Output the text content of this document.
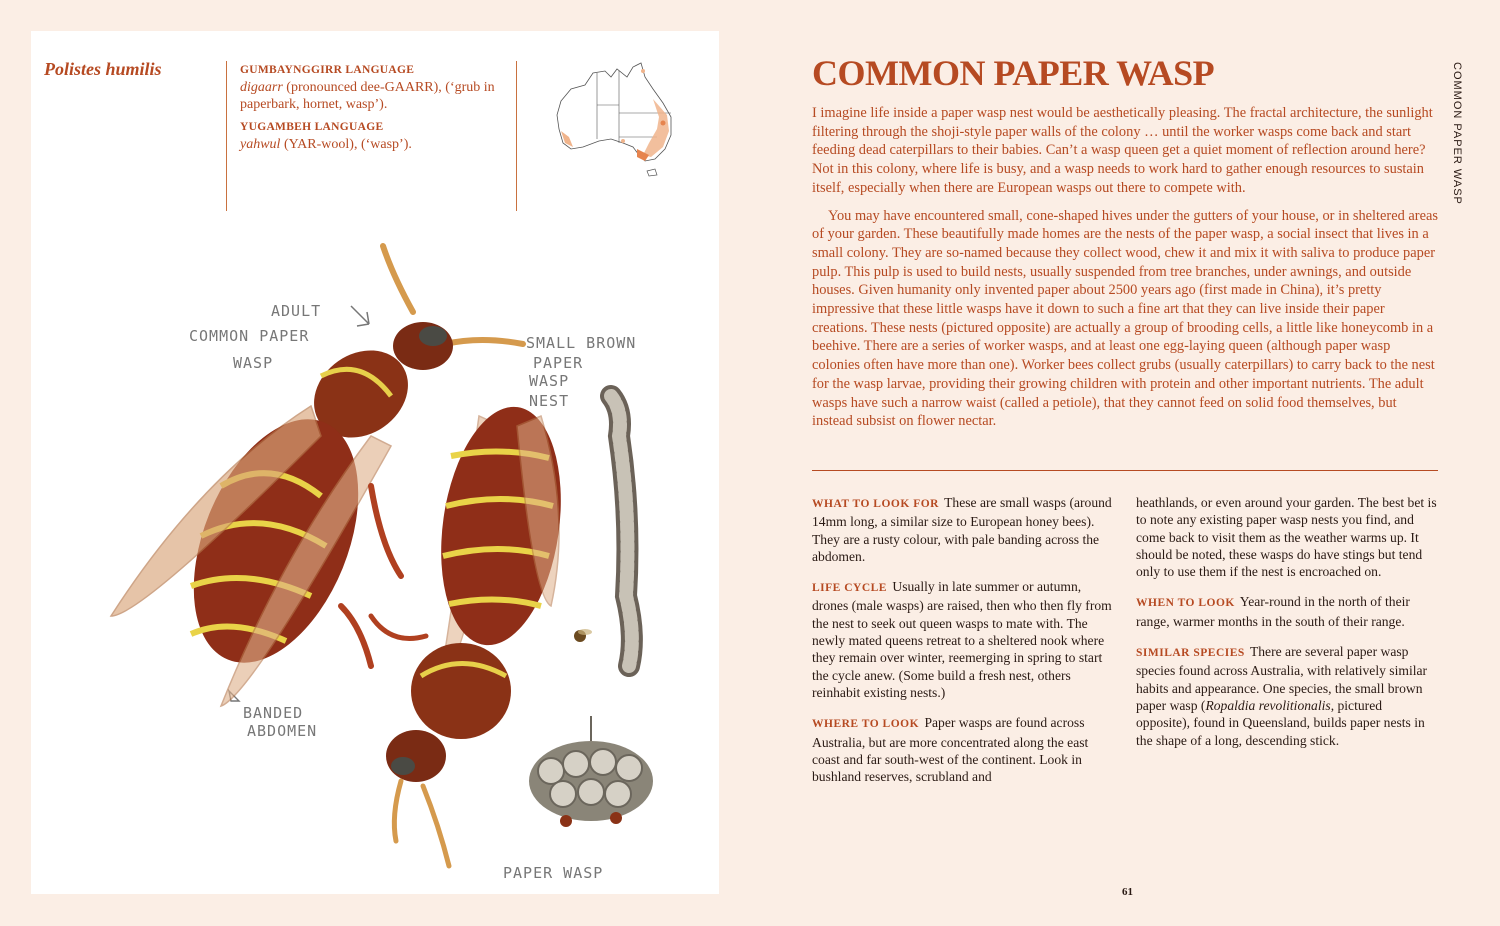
Polistes humilis	GUMBAYNGGIRR LANGUAGE
digaarr (pronounced dee-GAARR), (‘grub in paperbark, hornet, wasp’).
YUGAMBEH LANGUAGE
yahwul (YAR-wool), (‘wasp’).
ADULT
COMMON PAPER
WASP
SMALL BROWN
PAPER
WASP
NEST
BANDED
ABDOMEN
PAPER WASP
COMMON PAPER WASP

I imagine life inside a paper wasp nest would be aesthetically pleasing. The fractal architecture, the sunlight filtering through the shoji-style paper walls of the colony … until the worker wasps come back and start feeding dead caterpillars to their babies. Can’t a wasp queen get a quiet moment of reflection around here? Not in this colony, where life is busy, and a wasp needs to work hard to gather enough resources to sustain itself, especially when there are European wasps out there to compete with.

You may have encountered small, cone-shaped hives under the gutters of your house, or in sheltered areas of your garden. These beautifully made homes are the nests of the paper wasp, a social insect that lives in a small colony. They are so-named because they collect wood, chew it and mix it with saliva to produce paper pulp. This pulp is used to build nests, usually suspended from tree branches, under awnings, and outside houses. Given humanity only invented paper about 2500 years ago (first made in China), it’s pretty impressive that these little wasps have it down to such a fine art that they can live inside their paper creations. These nests (pictured opposite) are actually a group of brooding cells, a little like honeycomb in a beehive. There are a series of worker wasps, and at least one egg-laying queen (although paper wasp colonies often have more than one). Worker bees collect grubs (usually caterpillars) to carry back to the nest for the wasp larvae, providing their growing children with protein and other important nutrients. The adult wasps have such a narrow waist (called a petiole), that they cannot feed on solid food themselves, but instead subsist on flower nectar.

WHAT TO LOOK FOR These are small wasps (around 14mm long, a similar size to European honey bees). They are a rusty colour, with pale banding across the abdomen.

LIFE CYCLE Usually in late summer or autumn, drones (male wasps) are raised, then who then fly from the nest to seek out queen wasps to mate with. The newly mated queens retreat to a sheltered nook where they remain over winter, reemerging in spring to start the cycle anew. (Some build a fresh nest, others reinhabit existing nests.)

WHERE TO LOOK Paper wasps are found across Australia, but are more concentrated along the east coast and far south-west of the continent. Look in bushland reserves, scrubland and

heathlands, or even around your garden. The best bet is to note any existing paper wasp nests you find, and come back to visit them as the weather warms up. It should be noted, these wasps do have stings but tend only to use them if the nest is encroached on.

WHEN TO LOOK Year-round in the north of their range, warmer months in the south of their range.

SIMILAR SPECIES There are several paper wasp species found across Australia, with relatively similar habits and appearance. One species, the small brown paper wasp (Ropaldia revolitionalis, pictured opposite), found in Queensland, builds paper nests in the shape of a long, descending stick.

COMMON PAPER WASP
61
